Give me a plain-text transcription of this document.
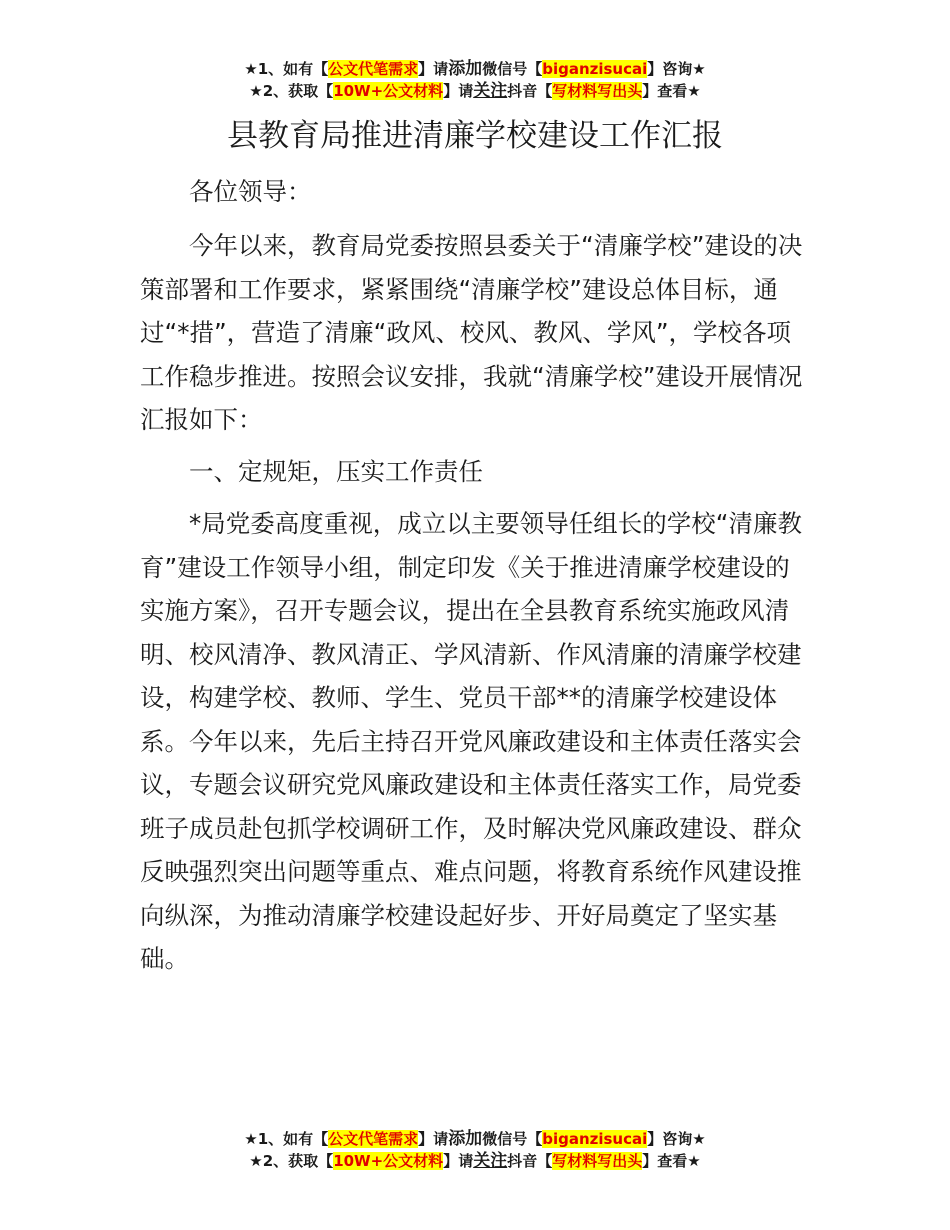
★1、如有【公文代笔需求】请添加微信号【biganzisucai】咨询★
★2、获取【10W+公文材料】请关注抖音【写材料写出头】查看★
县教育局推进清廉学校建设工作汇报

各位领导：

今年以来，教育局党委按照县委关于“清廉学校”建设的决策部署和工作要求，紧紧围绕“清廉学校”建设总体目标，通过“*措”，营造了清廉“政风、校风、教风、学风”，学校各项工作稳步推进。按照会议安排，我就“清廉学校”建设开展情况汇报如下：

一、定规矩，压实工作责任

*局党委高度重视，成立以主要领导任组长的学校“清廉教育”建设工作领导小组，制定印发《关于推进清廉学校建设的实施方案》，召开专题会议，提出在全县教育系统实施政风清明、校风清净、教风清正、学风清新、作风清廉的清廉学校建设，构建学校、教师、学生、党员干部**的清廉学校建设体系。今年以来，先后主持召开党风廉政建设和主体责任落实会议，专题会议研究党风廉政建设和主体责任落实工作，局党委班子成员赴包抓学校调研工作，及时解决党风廉政建设、群众反映强烈突出问题等重点、难点问题，将教育系统作风建设推向纵深，为推动清廉学校建设起好步、开好局奠定了坚实基础。

★1、如有【公文代笔需求】请添加微信号【biganzisucai】咨询★
★2、获取【10W+公文材料】请关注抖音【写材料写出头】查看★
